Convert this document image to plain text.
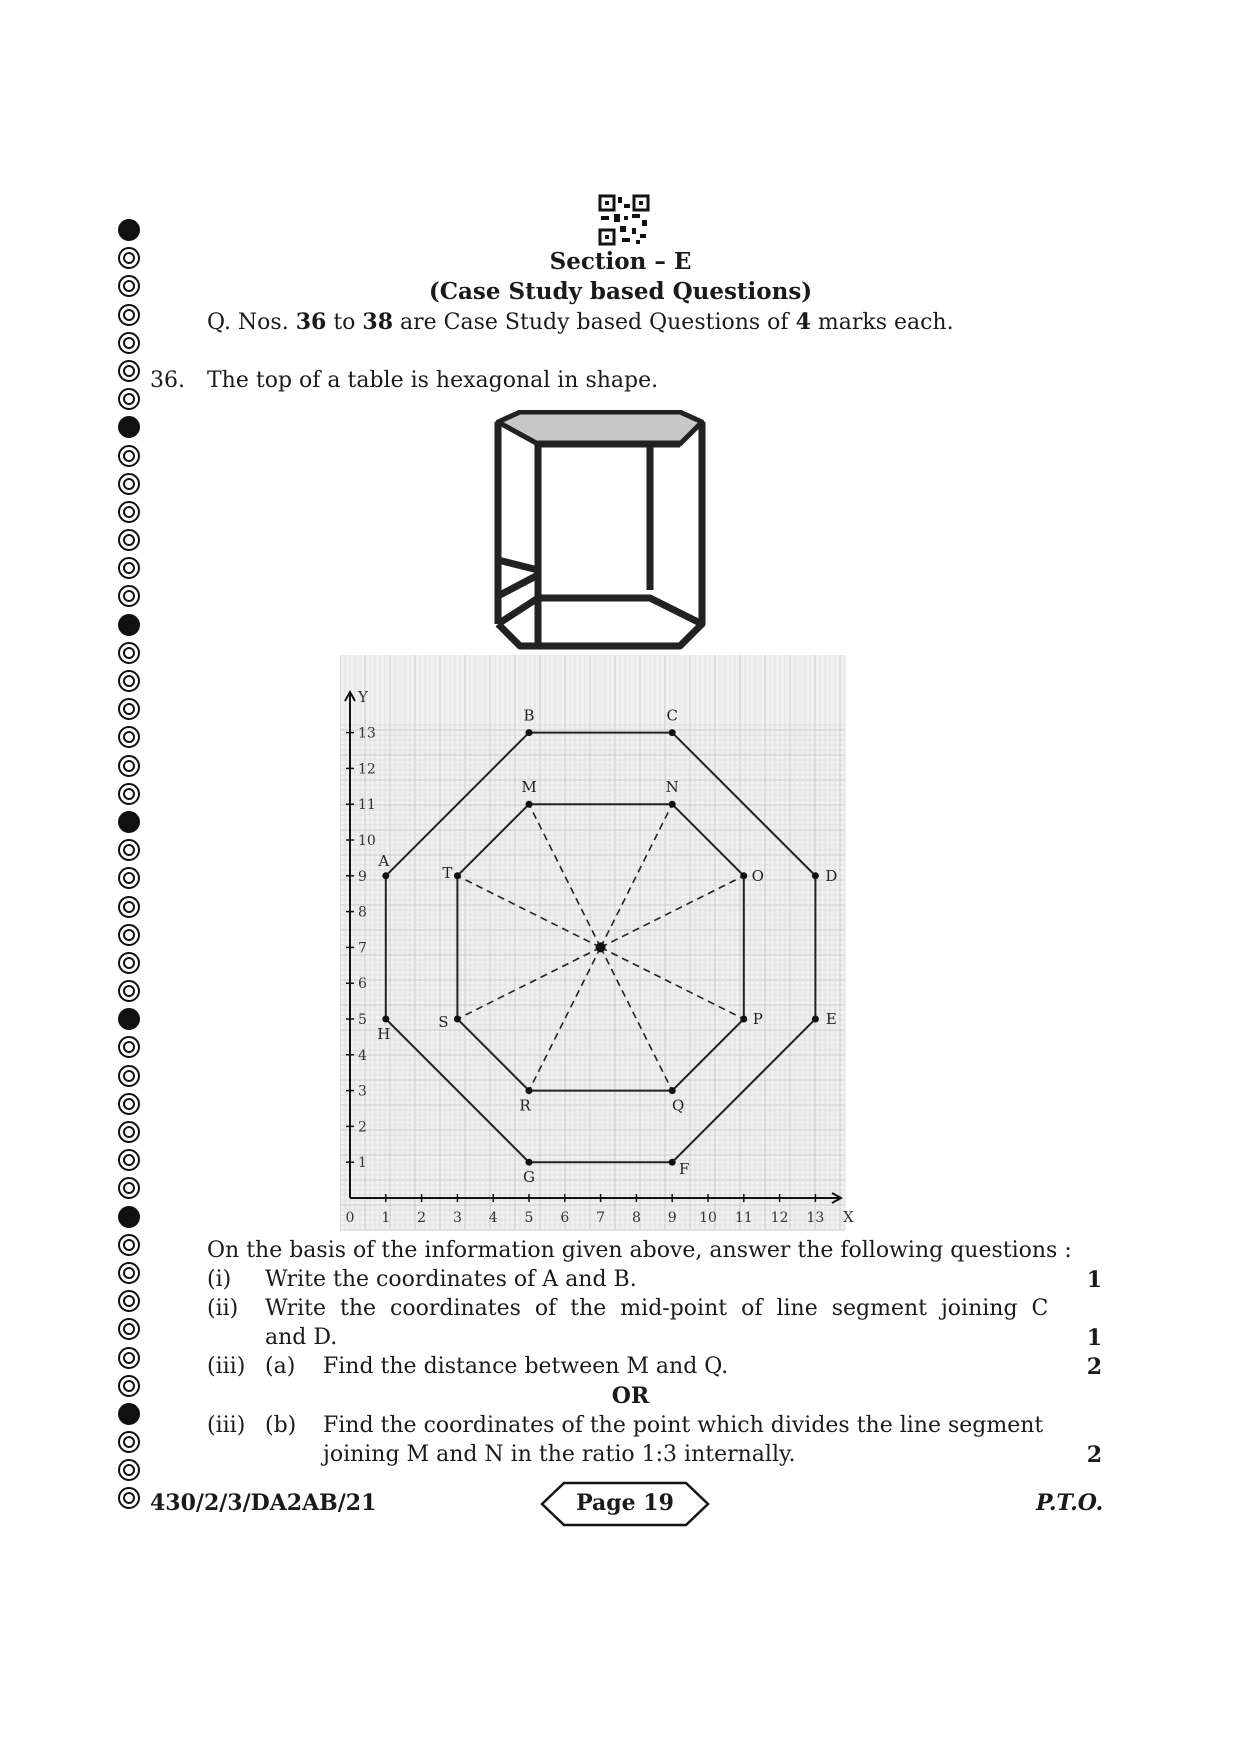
Section – E
(Case Study based Questions)
Q. Nos. 36 to 38 are Case Study based Questions of 4 marks each.
36. The top of a table is hexagonal in shape.
X
Y
0 1 2 3 4 5 6 7 8 9 10 11 12 13
1
2
3
4
5
6
7
8
9
10
11
12
13
A
B	C
D
E
F
G
H
M	N
O
P
Q
R
S
T
On the basis of the information given above, answer the following questions :
(i) Write the coordinates of A and B.	1
(ii) Write  the  coordinates  of  the  mid-point  of  line  segment  joining  C
and D.	1
(iii) (a) Find the distance between M and Q.	2
OR
(iii) (b) Find the coordinates of the point which divides the line segment
joining M and N in the ratio 1:3 internally.	2
430/2/3/DA2AB/21	Page 19	P.T.O.
